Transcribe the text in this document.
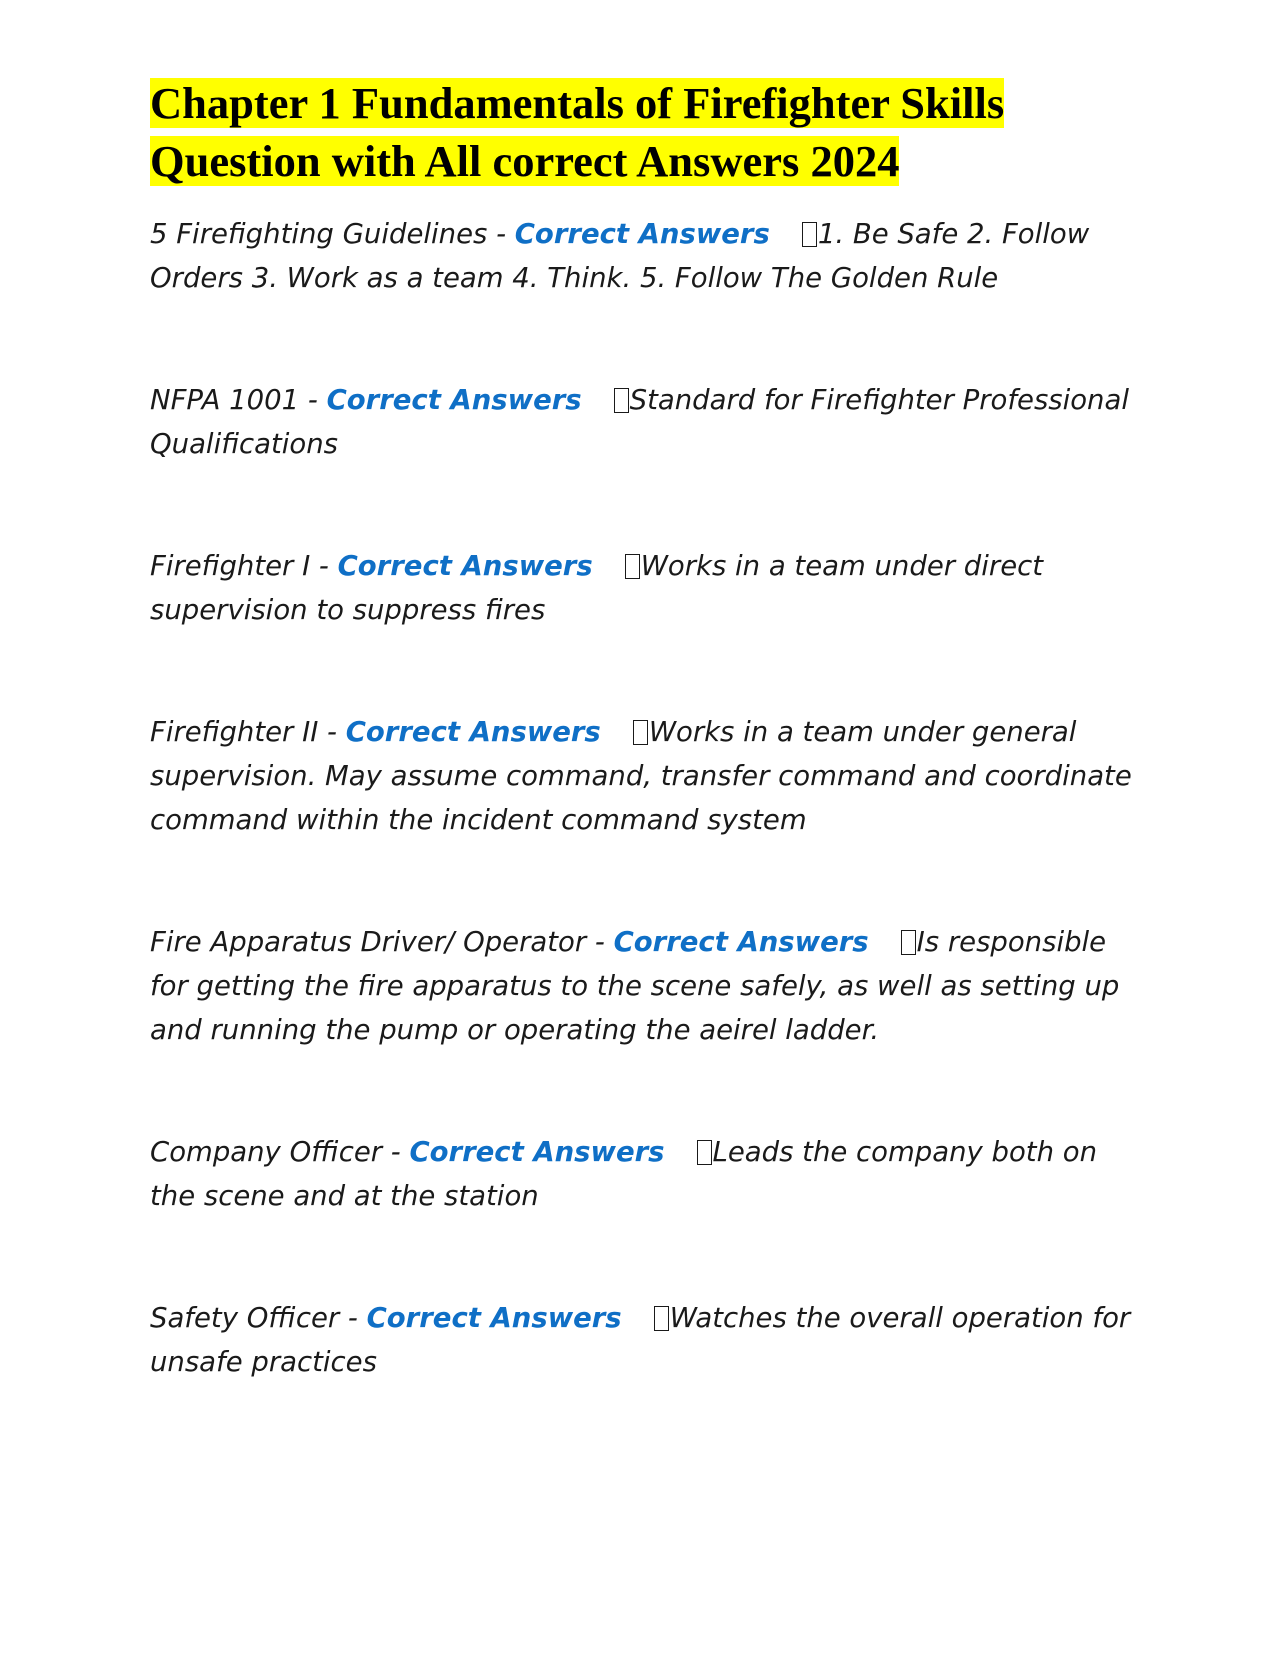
Chapter 1 Fundamentals of Firefighter Skills
Question with All correct Answers 2024

5 Firefighting Guidelines - Correct Answers 1. Be Safe 2. Follow Orders 3. Work as a team 4. Think. 5. Follow The Golden Rule

NFPA 1001 - Correct Answers Standard for Firefighter Professional Qualifications

Firefighter I - Correct Answers Works in a team under direct supervision to suppress fires

Firefighter II - Correct Answers Works in a team under general supervision. May assume command, transfer command and coordinate command within the incident command system

Fire Apparatus Driver/ Operator - Correct Answers Is responsible for getting the fire apparatus to the scene safely, as well as setting up and running the pump or operating the aeirel ladder.

Company Officer - Correct Answers Leads the company both on the scene and at the station

Safety Officer - Correct Answers Watches the overall operation for unsafe practices
